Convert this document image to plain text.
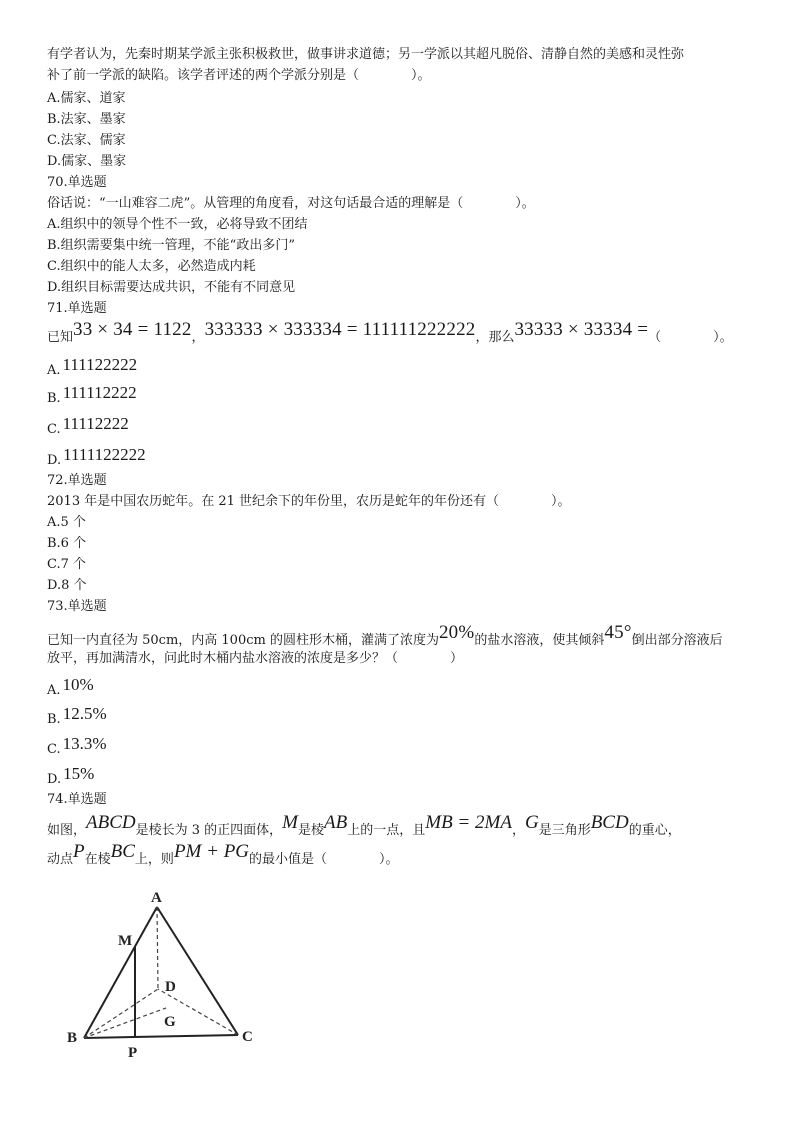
有学者认为，先秦时期某学派主张积极救世，做事讲求道德；另一学派以其超凡脱俗、清静自然的美感和灵性弥
补了前一学派的缺陷。该学者评述的两个学派分别是（　　　　）。
A.儒家、道家
B.法家、墨家
C.法家、儒家
D.儒家、墨家
70.单选题
俗话说：“一山难容二虎”。从管理的角度看，对这句话最合适的理解是（　　　　）。
A.组织中的领导个性不一致，必将导致不团结
B.组织需要集中统一管理，不能“政出多门”
C.组织中的能人太多，必然造成内耗
D.组织目标需要达成共识，不能有不同意见
71.单选题
已知33 × 34 = 1122，333333 × 333334 = 111111222222，那么33333 × 33334 =（　　　　）。
A. 111122222
B. 111112222
C. 11112222
D. 1111122222
72.单选题
2013 年是中国农历蛇年。在 21 世纪余下的年份里，农历是蛇年的年份还有（　　　　）。
A.5 个
B.6 个
C.7 个
D.8 个
73.单选题
已知一内直径为 50cm，内高 100cm 的圆柱形木桶，灌满了浓度为20%的盐水溶液，使其倾斜45°倒出部分溶液后
放平，再加满清水，问此时木桶内盐水溶液的浓度是多少？（　　　　）
A. 10%
B. 12.5%
C. 13.3%
D. 15%
74.单选题
如图，ABCD是棱长为 3 的正四面体，M是棱AB上的一点，且MB = 2MA，G是三角形BCD的重心，
动点P在棱BC上，则PM + PG的最小值是（　　　　）。
A
M
D
G
B	C
P
